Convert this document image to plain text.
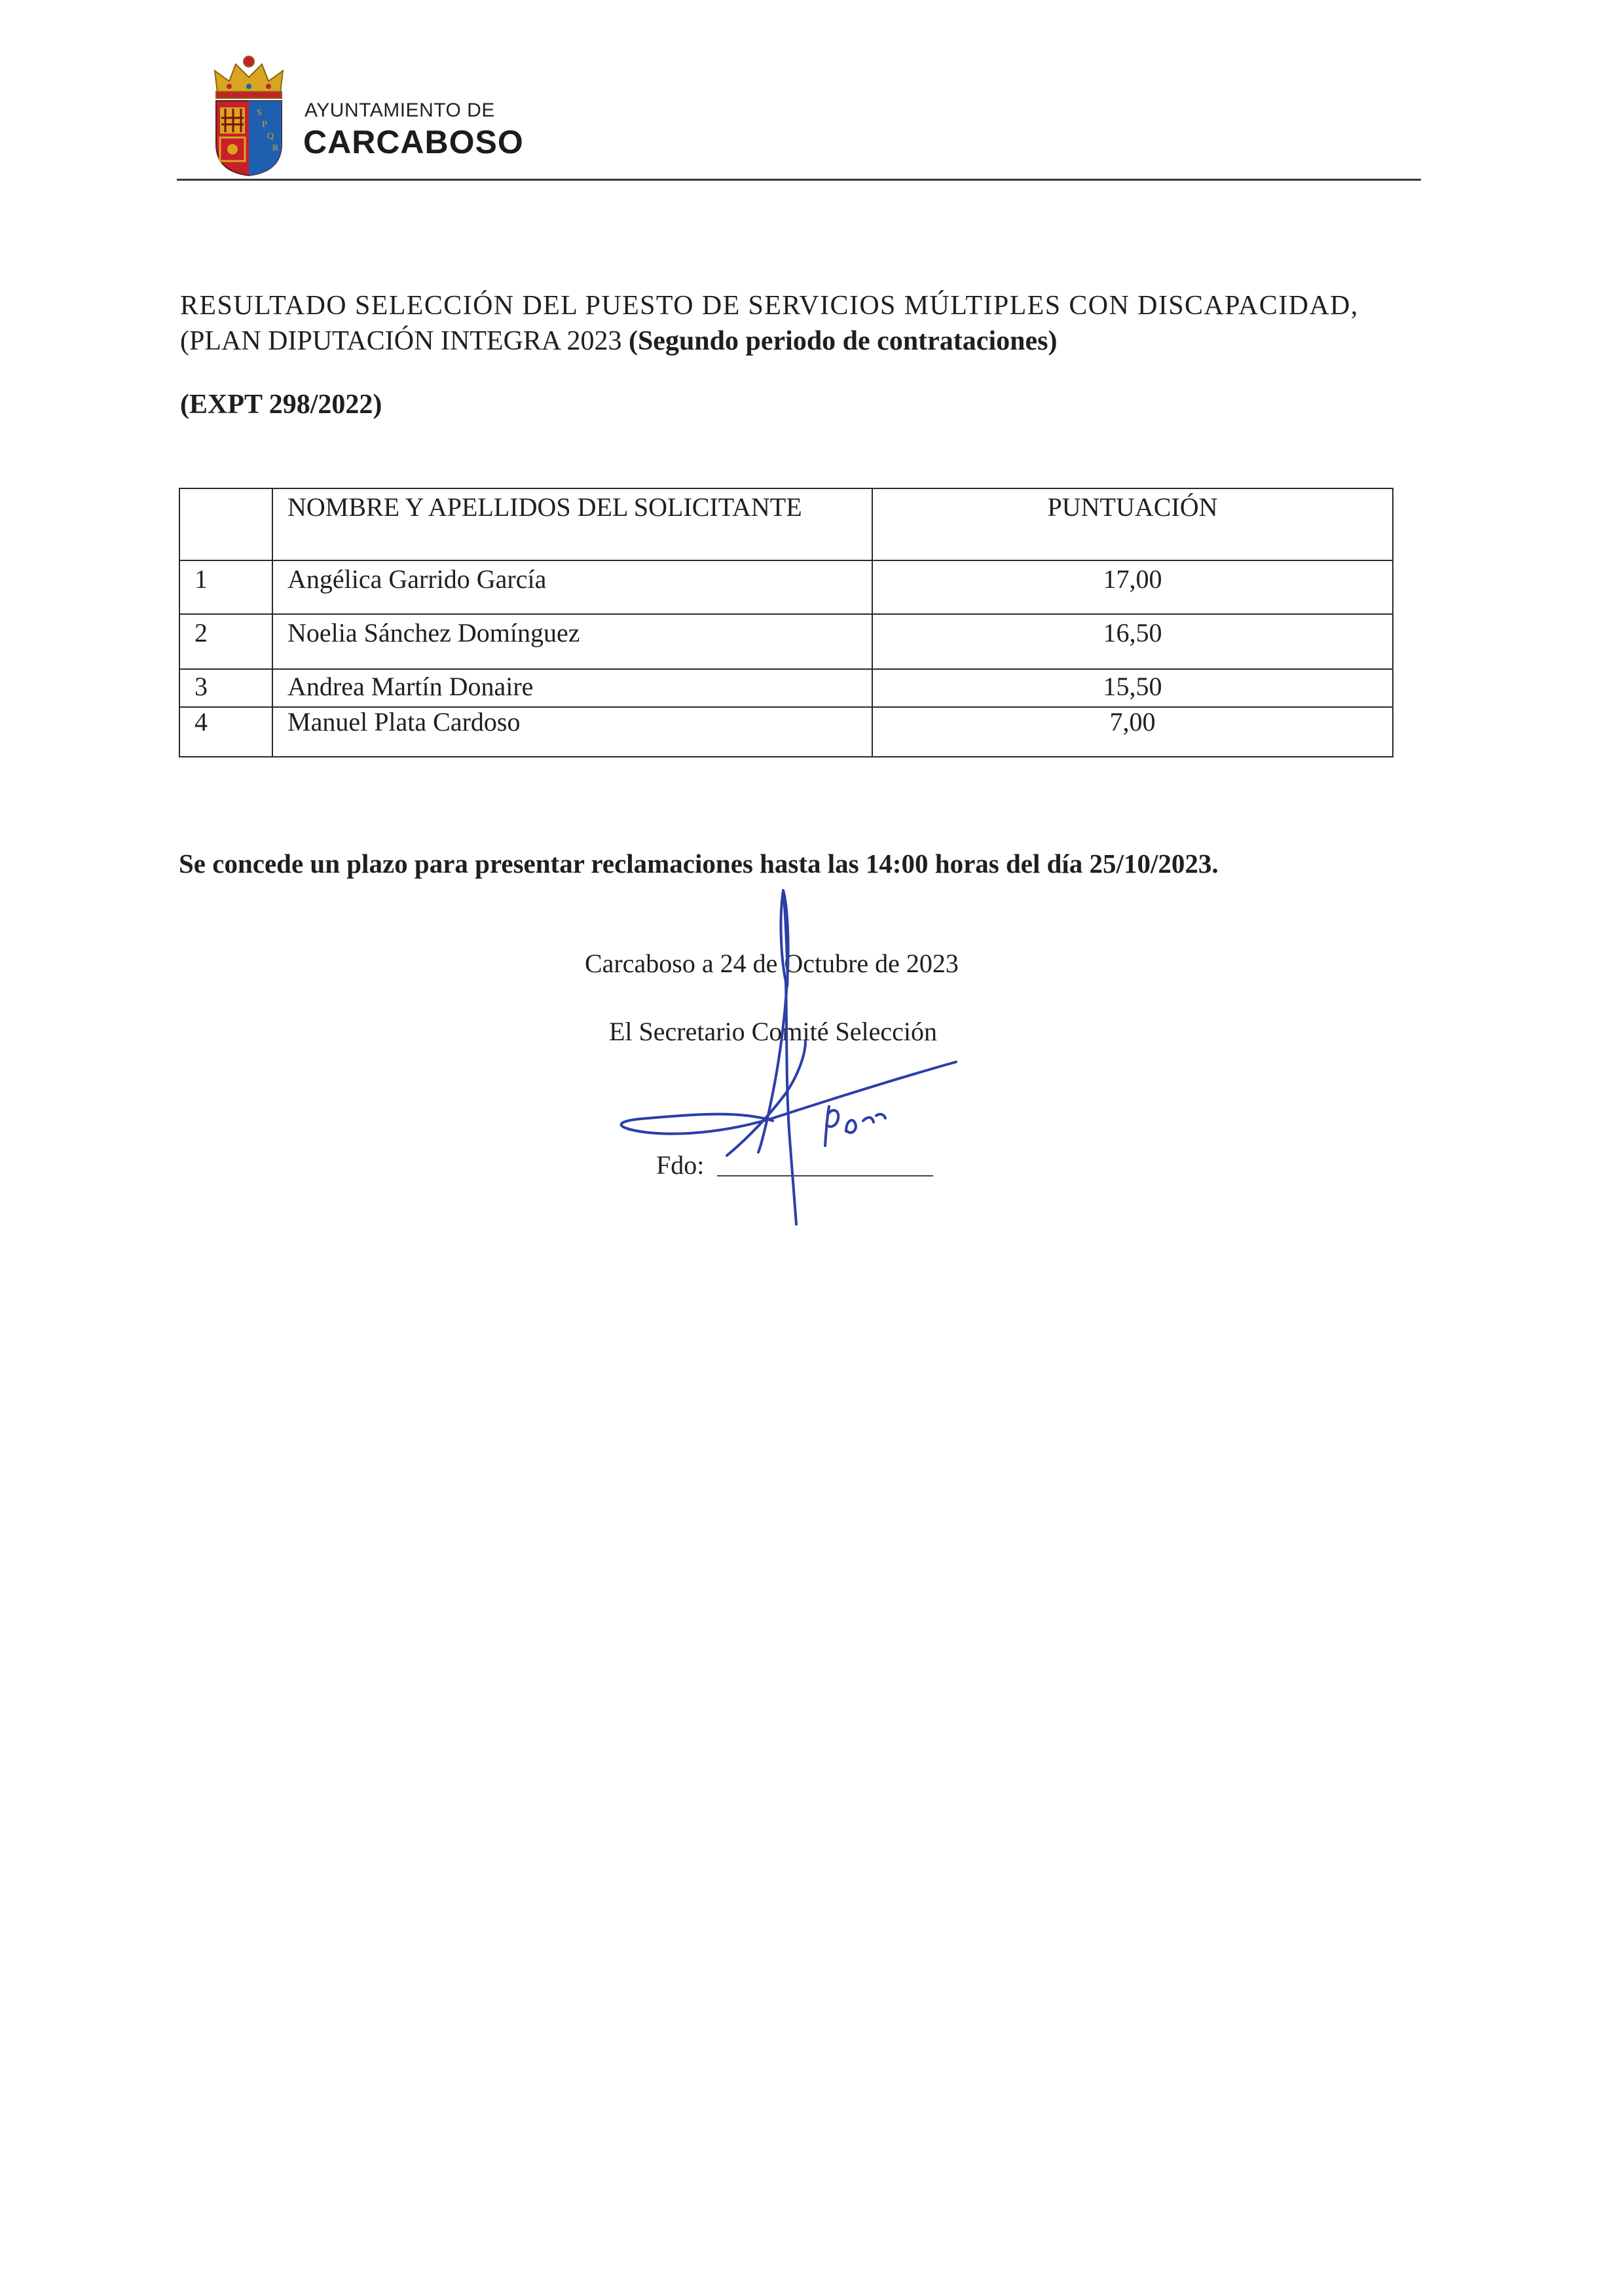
S
P
Q
R
AYUNTAMIENTO DE
CARCABOSO
RESULTADO SELECCIÓN DEL PUESTO DE SERVICIOS MÚLTIPLES CON DISCAPACIDAD,
(PLAN DIPUTACIÓN INTEGRA 2023 (Segundo periodo de contrataciones)
(EXPT 298/2022)
	NOMBRE Y APELLIDOS DEL SOLICITANTE	PUNTUACIÓN
1	Angélica Garrido García	17,00
2	Noelia Sánchez Domínguez	16,50
3	Andrea Martín Donaire	15,50
4	Manuel Plata Cardoso	7,00
Se concede un plazo para presentar reclamaciones hasta las 14:00 horas del día 25/10/2023.
Carcaboso a 24 de Octubre de 2023
El Secretario Comité Selección
Fdo:
